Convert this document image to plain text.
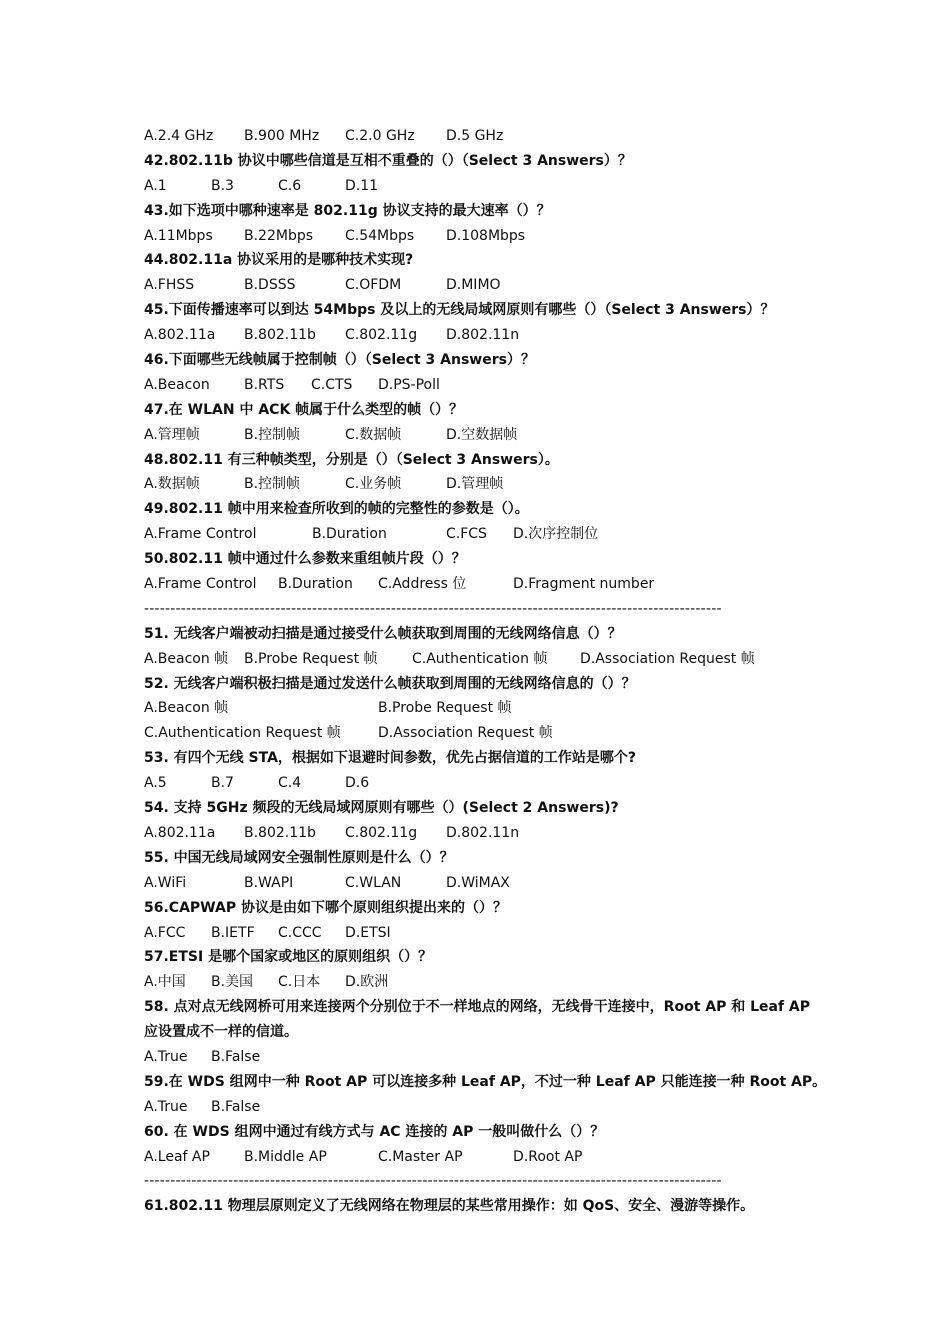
A.2.4 GHz B.900 MHz C.2.0 GHz D.5 GHz
42.802.11b 协议中哪些信道是互相不重叠的（）（Select 3 Answers）？
A.1	B.3	C.6	D.11
43.如下选项中哪种速率是 802.11g 协议支持的最大速率（）？
A.11Mbps B.22Mbps C.54Mbps D.108Mbps
44.802.11a 协议采用的是哪种技术实现?
A.FHSS	B.DSSS	C.OFDM	D.MIMO
45.下面传播速率可以到达 54Mbps 及以上的无线局域网原则有哪些（）（Select 3 Answers）？
A.802.11a B.802.11b C.802.11g D.802.11n
46.下面哪些无线帧属于控制帧（）（Select 3 Answers）？
A.Beacon B.RTS C.CTS D.PS-Poll
47.在 WLAN 中 ACK 帧属于什么类型的帧（）？
A.管理帧	B.控制帧	C.数据帧	D.空数据帧
48.802.11 有三种帧类型，分别是（）（Select 3 Answers）。
A.数据帧	B.控制帧	C.业务帧	D.管理帧
49.802.11 帧中用来检查所收到的帧的完整性的参数是（）。
A.Frame Control	B.Duration	C.FCS D.次序控制位
50.802.11 帧中通过什么参数来重组帧片段（）？
A.Frame Control B.Duration C.Address 位	D.Fragment number
--------------------------------------------------------------------------------------------------------------
51. 无线客户端被动扫描是通过接受什么帧获取到周围的无线网络信息（）？
A.Beacon 帧 B.Probe Request 帧 C.Authentication 帧 D.Association Request 帧
52. 无线客户端积极扫描是通过发送什么帧获取到周围的无线网络信息的（）？
A.Beacon 帧	B.Probe Request 帧
C.Authentication Request 帧	D.Association Request 帧
53. 有四个无线 STA，根据如下退避时间参数，优先占据信道的工作站是哪个?
A.5	B.7	C.4	D.6
54. 支持 5GHz 频段的无线局域网原则有哪些（）(Select 2 Answers)?
A.802.11a B.802.11b C.802.11g D.802.11n
55. 中国无线局域网安全强制性原则是什么（）？
A.WiFi	B.WAPI	C.WLAN	D.WiMAX
56.CAPWAP 协议是由如下哪个原则组织提出来的（）？
A.FCC B.IETF C.CCC D.ETSI
57.ETSI 是哪个国家或地区的原则组织（）？
A.中国 B.美国 C.日本 D.欧洲
58. 点对点无线网桥可用来连接两个分别位于不一样地点的网络，无线骨干连接中，Root AP 和 Leaf AP
应设置成不一样的信道。
A.True B.False
59.在 WDS 组网中一种 Root AP 可以连接多种 Leaf AP，不过一种 Leaf AP 只能连接一种 Root AP。
A.True B.False
60. 在 WDS 组网中通过有线方式与 AC 连接的 AP 一般叫做什么（）？
A.Leaf AP B.Middle AP	C.Master AP	D.Root AP
--------------------------------------------------------------------------------------------------------------
61.802.11 物理层原则定义了无线网络在物理层的某些常用操作：如 QoS、安全、漫游等操作。
